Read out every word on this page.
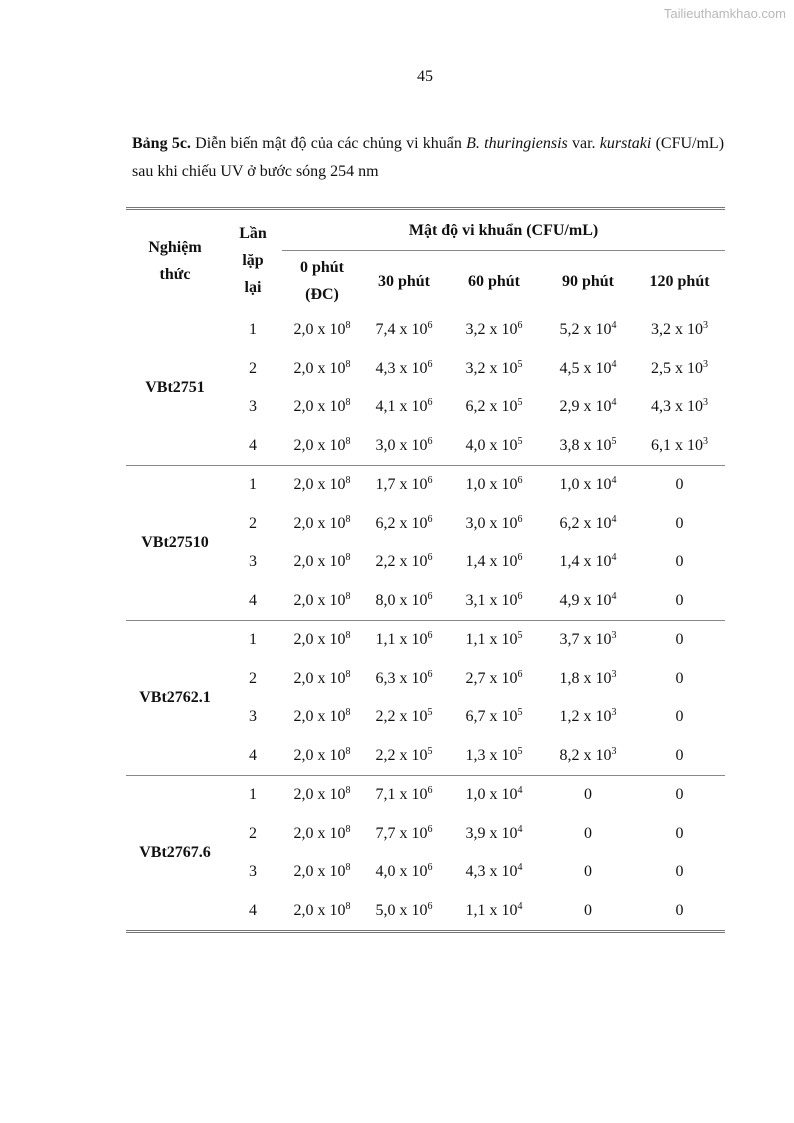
Tailieuthamkhao.com
45
Bảng 5c. Diễn biến mật độ của các chủng vi khuẩn B. thuringiensis var. kurstaki (CFU/mL) sau khi chiếu UV ở bước sóng 254 nm
Nghiệm thức	Lần lặp lại	Mật độ vi khuẩn (CFU/mL)				
		0 phút (ĐC)	30 phút	60 phút	90 phút	120 phút
VBt2751	1	2,0 x $10^8$	7,4 x $10^6$	3,2 x $10^6$	5,2 x $10^4$	3,2 x $10^3$
	2	2,0 x $10^8$	4,3 x $10^6$	3,2 x $10^5$	4,5 x $10^4$	2,5 x $10^3$
	3	2,0 x $10^8$	4,1 x $10^6$	6,2 x $10^5$	2,9 x $10^4$	4,3 x $10^3$
	4	2,0 x $10^8$	3,0 x $10^6$	4,0 x $10^5$	3,8 x $10^5$	6,1 x $10^3$
VBt27510	1	2,0 x $10^8$	1,7 x $10^6$	1,0 x $10^6$	1,0 x $10^4$	0
	2	2,0 x $10^8$	6,2 x $10^6$	3,0 x $10^6$	6,2 x $10^4$	0
	3	2,0 x $10^8$	2,2 x $10^6$	1,4 x $10^6$	1,4 x $10^4$	0
	4	2,0 x $10^8$	8,0 x $10^6$	3,1 x $10^6$	4,9 x $10^4$	0
VBt2762.1	1	2,0 x $10^8$	1,1 x $10^6$	1,1 x $10^5$	3,7 x $10^3$	0
	2	2,0 x $10^8$	6,3 x $10^6$	2,7 x $10^6$	1,8 x $10^3$	0
	3	2,0 x $10^8$	2,2 x $10^5$	6,7 x $10^5$	1,2 x $10^3$	0
	4	2,0 x $10^8$	2,2 x $10^5$	1,3 x $10^5$	8,2 x $10^3$	0
VBt2767.6	1	2,0 x $10^8$	7,1 x $10^6$	1,0 x $10^4$	0	0
	2	2,0 x $10^8$	7,7 x $10^6$	3,9 x $10^4$	0	0
	3	2,0 x $10^8$	4,0 x $10^6$	4,3 x $10^4$	0	0
	4	2,0 x $10^8$	5,0 x $10^6$	1,1 x $10^4$	0	0
